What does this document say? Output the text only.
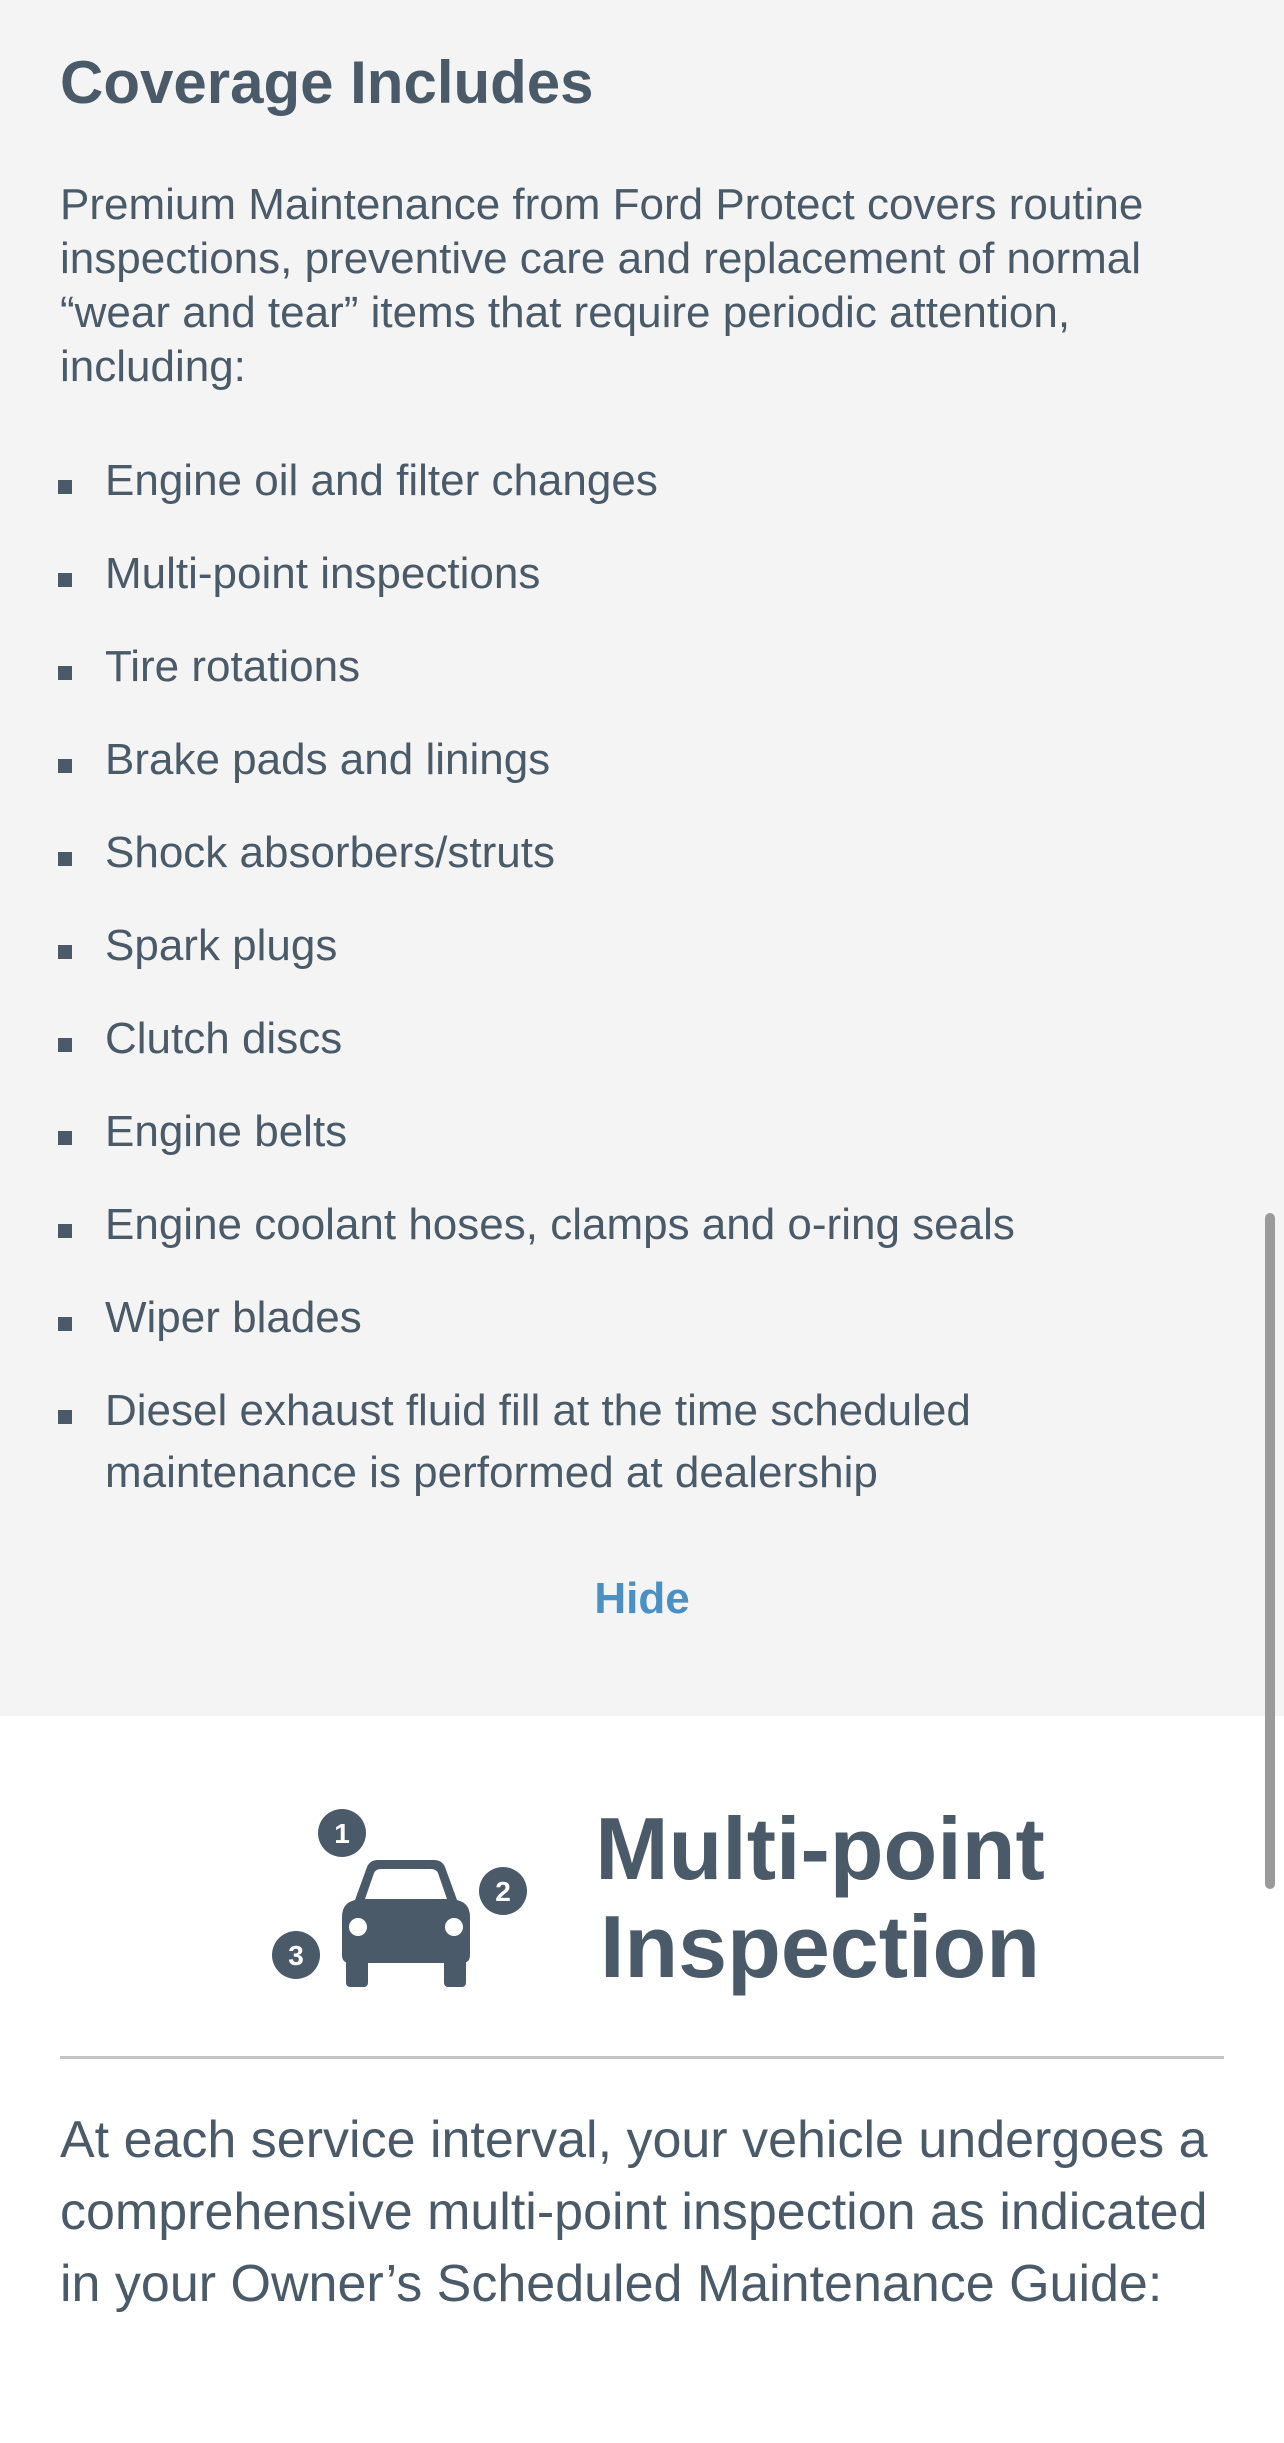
Coverage Includes

Premium Maintenance from Ford Protect covers routine inspections, preventive care and replacement of normal “wear and tear” items that require periodic attention, including:

Engine oil and filter changes
Multi-point inspections
Tire rotations
Brake pads and linings
Shock absorbers/struts
Spark plugs
Clutch discs
Engine belts
Engine coolant hoses, clamps and o-ring seals
Wiper blades
Diesel exhaust fluid fill at the time scheduled maintenance is performed at dealership
Hide
1
2
3
Multi-point
Inspection

At each service interval, your vehicle undergoes a comprehensive multi-point inspection as indicated in your Owner’s Scheduled Maintenance Guide:
